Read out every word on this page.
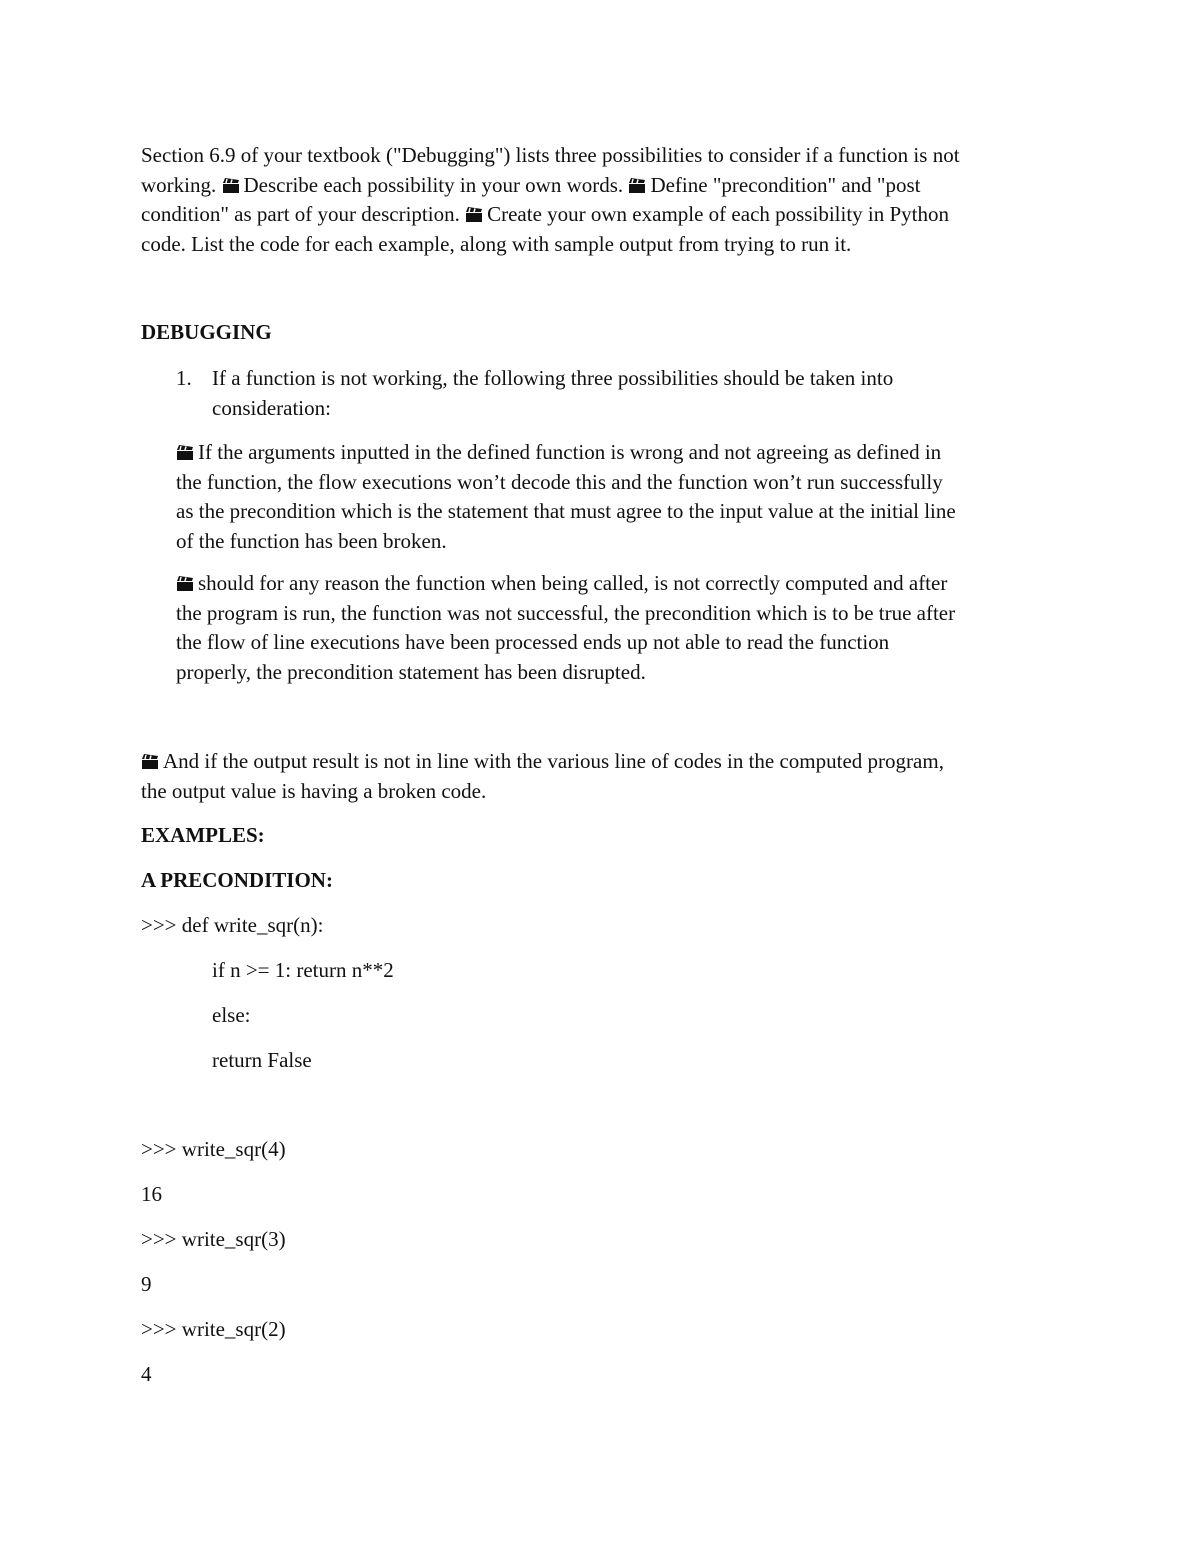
Section 6.9 of your textbook ("Debugging") lists three possibilities to consider if a function is not
working. Describe each possibility in your own words. Define "precondition" and "post
condition" as part of your description. Create your own example of each possibility in Python
code. List the code for each example, along with sample output from trying to run it.
DEBUGGING
1. If a function is not working, the following three possibilities should be taken into
consideration:
If the arguments inputted in the defined function is wrong and not agreeing as defined in
the function, the flow executions won’t decode this and the function won’t run successfully
as the precondition which is the statement that must agree to the input value at the initial line
of the function has been broken.
should for any reason the function when being called, is not correctly computed and after
the program is run, the function was not successful, the precondition which is to be true after
the flow of line executions have been processed ends up not able to read the function
properly, the precondition statement has been disrupted.
And if the output result is not in line with the various line of codes in the computed program,
the output value is having a broken code.
EXAMPLES:
A PRECONDITION:
>>> def write_sqr(n):
if n >= 1: return n**2
else:
return False
>>> write_sqr(4)
16
>>> write_sqr(3)
9
>>> write_sqr(2)
4
